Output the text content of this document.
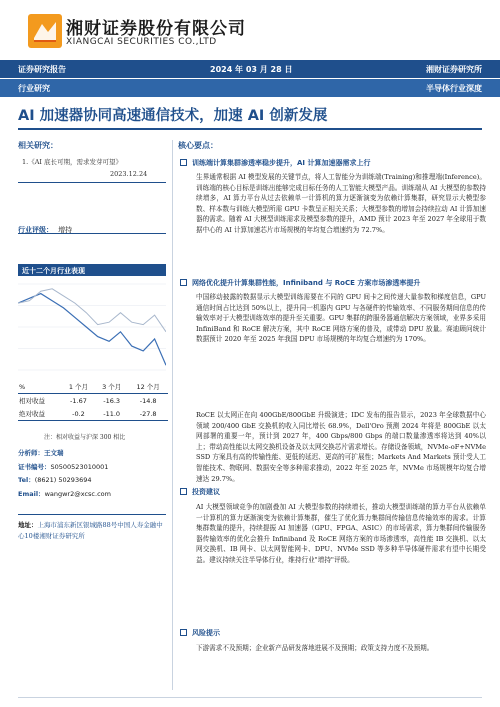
湘财证券股份有限公司
XIANGCAI SECURITIES CO.,LTD
证券研究报告	2024 年 03 月 28 日	湘财证券研究所
行业研究	半导体行业深度
AI 加速器协同高速通信技术，加速 AI 创新发展
相关研究：
1.《AI 底长可期，需求发芽可望》
2023.12.24
行业评级： 增持
近十二个月行业表现
%	1 个月	3 个月	12 个月
相对收益	-1.67	-16.3	-14.8
绝对收益	-0.2	-11.0	-27.8
注：相对收益与沪深 300 相比
分析师：王文瑞
证书编号：S0500523010001
Tel：(8621) 50293694
Email：wangwr2@xcsc.com
地址：上海市浦东新区银城路88号中国人寿金融中心10楼湘财证券研究所
核心要点：
训练端计算集群渗透率稳步提升，AI 计算加速器需求上行
生界通常根据 AI 模型发展的关键节点，将人工智能分为训练端(Training)和推理端(Inference)。训练端的核心目标是训练出能够完成目标任务的人工智能大模型产品。训练端从 AI 大模型的参数持续增多，AI 算力平台从过去依赖单一计算机的算力逐渐演变为依赖计算集群，研究显示大模型参数、样本数与训练大模型所需 GPU 卡数呈正相关关系；大模型参数的增加会持续拉动 AI 计算加速器的需求。随着 AI 大模型训练需求及模型参数的提升，AMD 预计 2023 年至 2027 年全球用于数据中心的 AI 计算加速芯片市场规模的年均复合增速约为 72.7%。
网络优化提升计算集群性能，Infiniband 与 RoCE 方案市场渗透率提升
中国移动披露的数据显示大模型训练需要在不同的 GPU 间卡之间传递大量参数和梯度信息，GPU 通信时间占比达到 50%以上，提升同一机器内 GPU 与各硬件的传输效率、不同服务期间信息的传输效率对于大模型训练效率的提升至关重要。GPU 集群的跨服务器通信解决方案领域，业界多采用 InfiniBand 和 RoCE 解决方案，其中 RoCE 网络方案的普及，或带动 DPU 放量。赛迪顾问统计数据预计 2020 年至 2025 年我国 DPU 市场规模的年均复合增速约为 170%。
RoCE 以太网正在向 400GbE/800GbE 升级演进；IDC 发布的报告显示，2023 年全球数据中心领域 200/400 GbE 交换机的收入同比增长 68.9%，Dell'Oro 预测 2024 年将是 800GbE 以太网部署的重要一年，预计到 2027 年，400 Gbps/800 Gbps 的端口数量渗透率将达到 40%以上；带动高性能以太网交换机设备及以太网交换芯片需求增长。存储设备领域，NVMe-oF+NVMe SSD 方案具有高的传输性能、更低的延迟、更高的可扩展性；Markets And Markets 预计受人工智能技术、物联网、数据安全等多种需求推动，2022 年至 2025 年，NVMe 市场规模年均复合增速达 29.7%。
投资建议
AI 大模型领域竞争的加剧叠加 AI 大模型参数的持续增长，推动大模型训练端的算力平台从依赖单一计算机的算力逐渐演变为依赖计算集群，催生了优化算力集群间传输信息传输效率的需求。计算集群数量的提升，持续提振 AI 加速器（GPU、FPGA、ASIC）的市场需求，算力集群间传输服务器传输效率的优化会推升 Infiniband 及 RoCE 网络方案的市场渗透率，高性能 IB 交换机、以太网交换机、IB 网卡、以太网智能网卡、DPU、NVMe SSD 等多种半导体硬件需求有望中长期受益。建议持续关注半导体行业，维持行业"增持"评级。
风险提示
下游需求不及预期；企业新产品研发落地进展不及预期；政策支持力度不及预期。
